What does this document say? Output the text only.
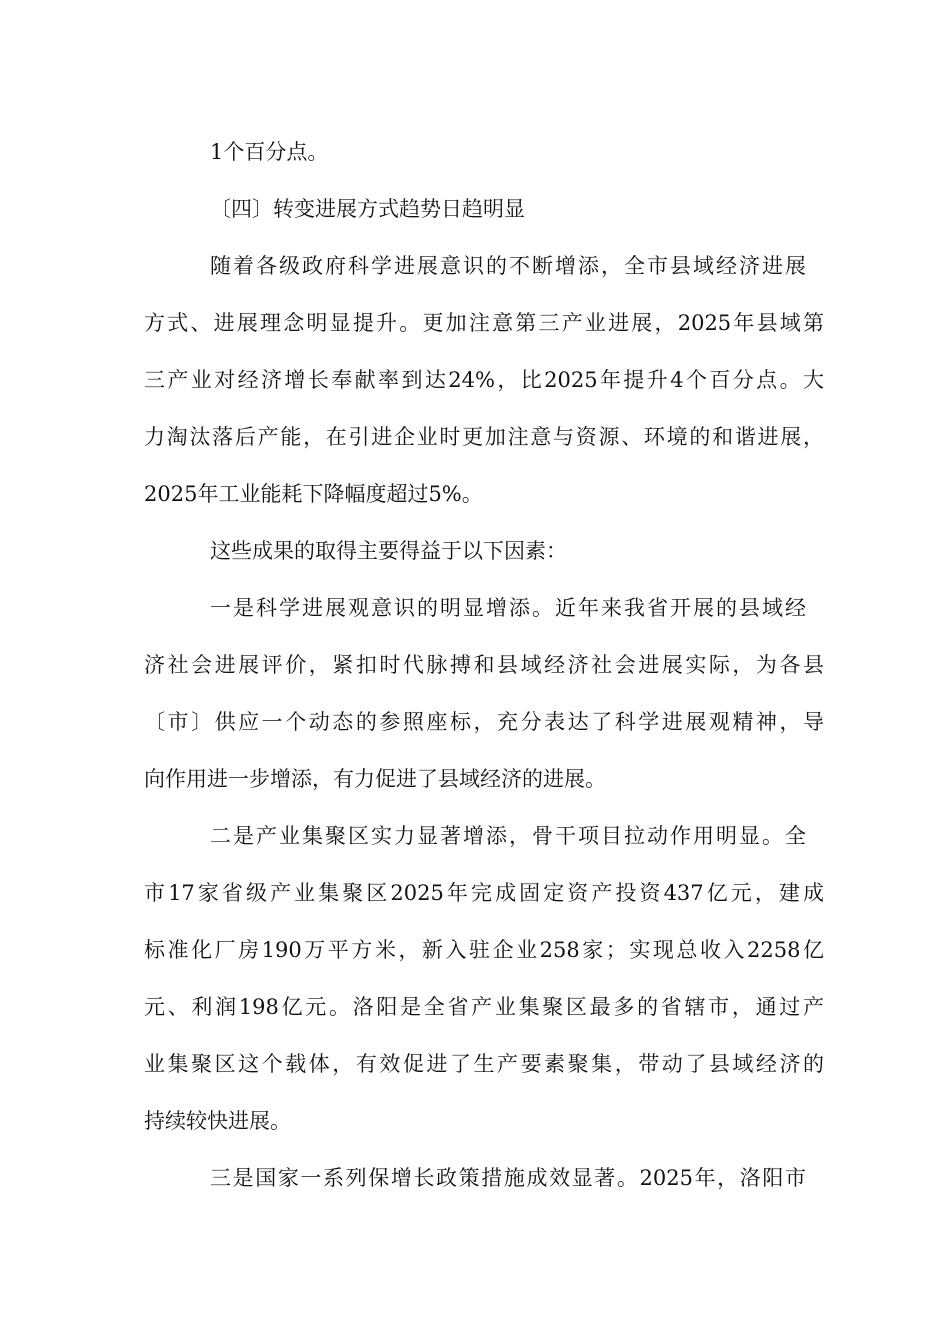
1个百分点。
〔四〕转变进展方式趋势日趋明显
随着各级政府科学进展意识的不断增添，全市县域经济进展
方式、进展理念明显提升。更加注意第三产业进展，2025年县域第
三产业对经济增长奉献率到达24%，比2025年提升4个百分点。大
力淘汰落后产能，在引进企业时更加注意与资源、环境的和谐进展，
2025年工业能耗下降幅度超过5%。
这些成果的取得主要得益于以下因素：
一是科学进展观意识的明显增添。近年来我省开展的县域经
济社会进展评价，紧扣时代脉搏和县域经济社会进展实际，为各县
〔市〕供应一个动态的参照座标，充分表达了科学进展观精神，导
向作用进一步增添，有力促进了县域经济的进展。
二是产业集聚区实力显著增添，骨干项目拉动作用明显。全
市17家省级产业集聚区2025年完成固定资产投资437亿元，建成
标准化厂房190万平方米，新入驻企业258家；实现总收入2258亿
元、利润198亿元。洛阳是全省产业集聚区最多的省辖市，通过产
业集聚区这个载体，有效促进了生产要素聚集，带动了县域经济的
持续较快进展。
三是国家一系列保增长政策措施成效显著。2025年，洛阳市
